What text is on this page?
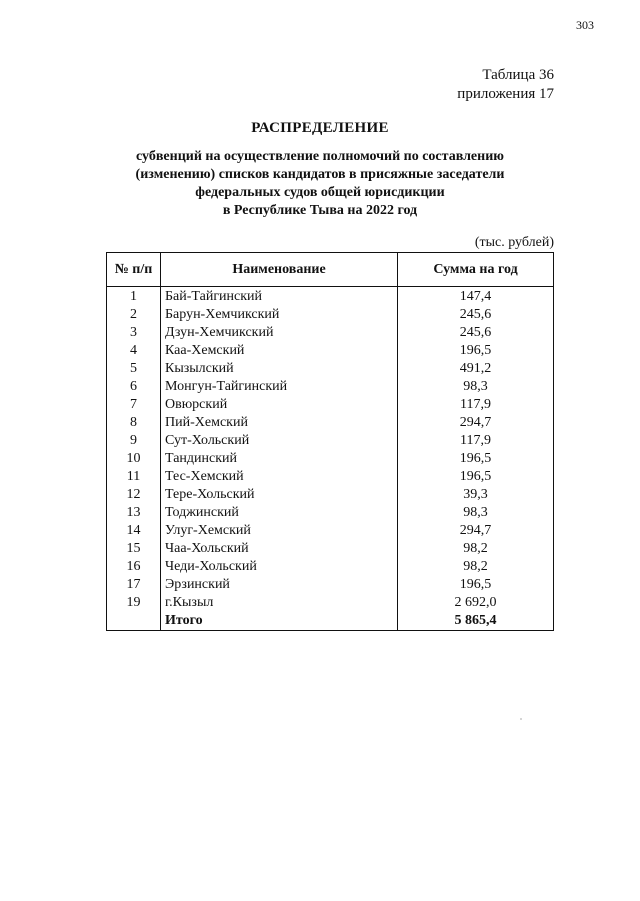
303
Таблица 36
приложения 17
РАСПРЕДЕЛЕНИЕ
субвенций на осуществление полномочий по составлению
(изменению) списков кандидатов в присяжные заседатели
федеральных судов общей юрисдикции
в Республике Тыва на 2022 год
(тыс. рублей)
№ п/п	Наименование	Сумма на год
1	Бай-Тайгинский	147,4
2	Барун-Хемчикский	245,6
3	Дзун-Хемчикский	245,6
4	Каа-Хемский	196,5
5	Кызылский	491,2
6	Монгун-Тайгинский	98,3
7	Овюрский	117,9
8	Пий-Хемский	294,7
9	Сут-Хольский	117,9
10	Тандинский	196,5
11	Тес-Хемский	196,5
12	Тере-Хольский	39,3
13	Тоджинский	98,3
14	Улуг-Хемский	294,7
15	Чаа-Хольский	98,2
16	Чеди-Хольский	98,2
17	Эрзинский	196,5
19	г.Кызыл	2 692,0
	Итого	5 865,4
